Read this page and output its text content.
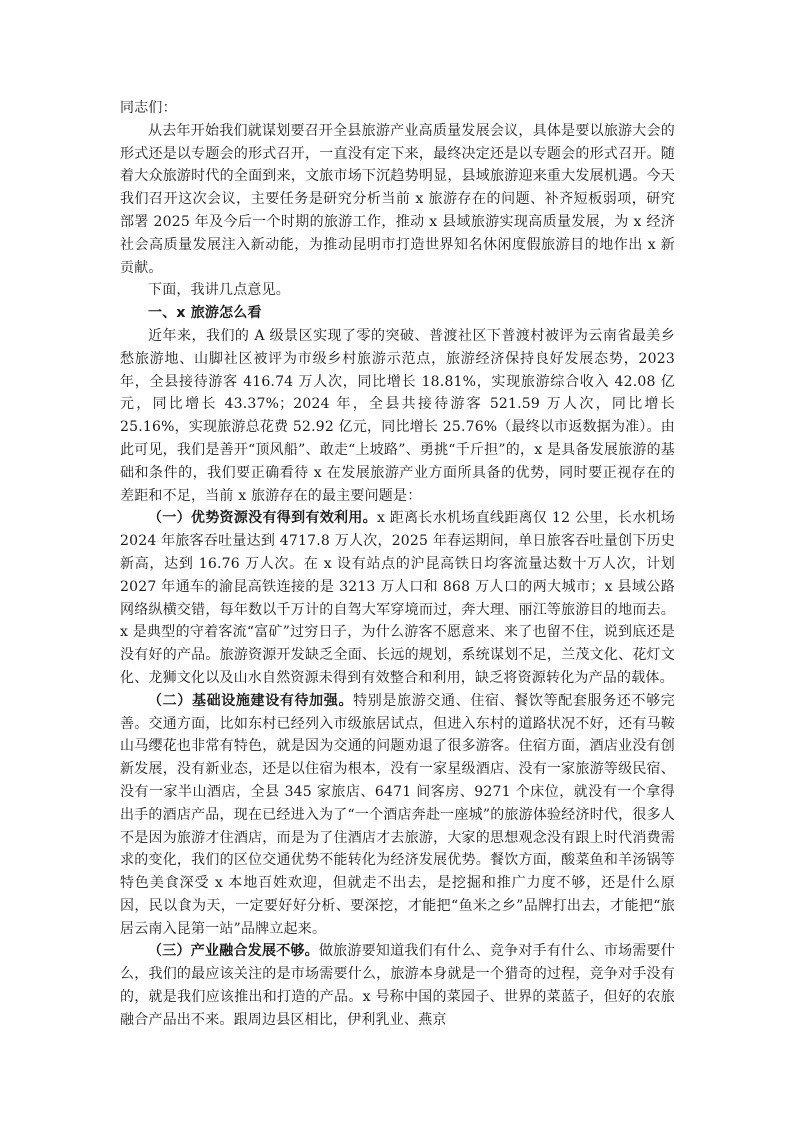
同志们：

从去年开始我们就谋划要召开全县旅游产业高质量发展会议，具体是要以旅游大会的形式还是以专题会的形式召开，一直没有定下来，最终决定还是以专题会的形式召开。随着大众旅游时代的全面到来，文旅市场下沉趋势明显，县域旅游迎来重大发展机遇。今天我们召开这次会议，主要任务是研究分析当前 x 旅游存在的问题、补齐短板弱项，研究部署 2025 年及今后一个时期的旅游工作，推动 x 县域旅游实现高质量发展，为 x 经济社会高质量发展注入新动能，为推动昆明市打造世界知名休闲度假旅游目的地作出 x 新贡献。

下面，我讲几点意见。

一、x 旅游怎么看

近年来，我们的 A 级景区实现了零的突破、普渡社区下普渡村被评为云南省最美乡愁旅游地、山脚社区被评为市级乡村旅游示范点，旅游经济保持良好发展态势，2023 年，全县接待游客 416.74 万人次，同比增长 18.81%，实现旅游综合收入 42.08 亿元，同比增长 43.37%；2024 年，全县共接待游客 521.59 万人次，同比增长 25.16%，实现旅游总花费 52.92 亿元，同比增长 25.76%（最终以市返数据为准）。由此可见，我们是善开“顶风船”、敢走“上坡路”、勇挑“千斤担”的，x 是具备发展旅游的基础和条件的，我们要正确看待 x 在发展旅游产业方面所具备的优势，同时要正视存在的差距和不足，当前 x 旅游存在的最主要问题是：

（一）优势资源没有得到有效利用。x 距离长水机场直线距离仅 12 公里，长水机场 2024 年旅客吞吐量达到 4717.8 万人次，2025 年春运期间，单日旅客吞吐量创下历史新高，达到 16.76 万人次。在 x 设有站点的沪昆高铁日均客流量达数十万人次，计划 2027 年通车的渝昆高铁连接的是 3213 万人口和 868 万人口的两大城市；x 县域公路网络纵横交错，每年数以千万计的自驾大军穿境而过，奔大理、丽江等旅游目的地而去。x 是典型的守着客流“富矿”过穷日子，为什么游客不愿意来、来了也留不住，说到底还是没有好的产品。旅游资源开发缺乏全面、长远的规划，系统谋划不足，兰茂文化、花灯文化、龙狮文化以及山水自然资源未得到有效整合和利用，缺乏将资源转化为产品的载体。

（二）基础设施建设有待加强。特别是旅游交通、住宿、餐饮等配套服务还不够完善。交通方面，比如东村已经列入市级旅居试点，但进入东村的道路状况不好，还有马鞍山马缨花也非常有特色，就是因为交通的问题劝退了很多游客。住宿方面，酒店业没有创新发展，没有新业态，还是以住宿为根本，没有一家星级酒店、没有一家旅游等级民宿、没有一家半山酒店，全县 345 家旅店、6471 间客房、9271 个床位，就没有一个拿得出手的酒店产品，现在已经进入为了“一个酒店奔赴一座城”的旅游体验经济时代，很多人不是因为旅游才住酒店，而是为了住酒店才去旅游，大家的思想观念没有跟上时代消费需求的变化，我们的区位交通优势不能转化为经济发展优势。餐饮方面，酸菜鱼和羊汤锅等特色美食深受 x 本地百姓欢迎，但就走不出去，是挖掘和推广力度不够，还是什么原因，民以食为天，一定要好好分析、要深挖，才能把“鱼米之乡”品牌打出去，才能把“旅居云南入昆第一站”品牌立起来。

（三）产业融合发展不够。做旅游要知道我们有什么、竞争对手有什么、市场需要什么，我们的最应该关注的是市场需要什么，旅游本身就是一个猎奇的过程，竞争对手没有的，就是我们应该推出和打造的产品。x 号称中国的菜园子、世界的菜蓝子，但好的农旅融合产品出不来。跟周边县区相比，伊利乳业、燕京
